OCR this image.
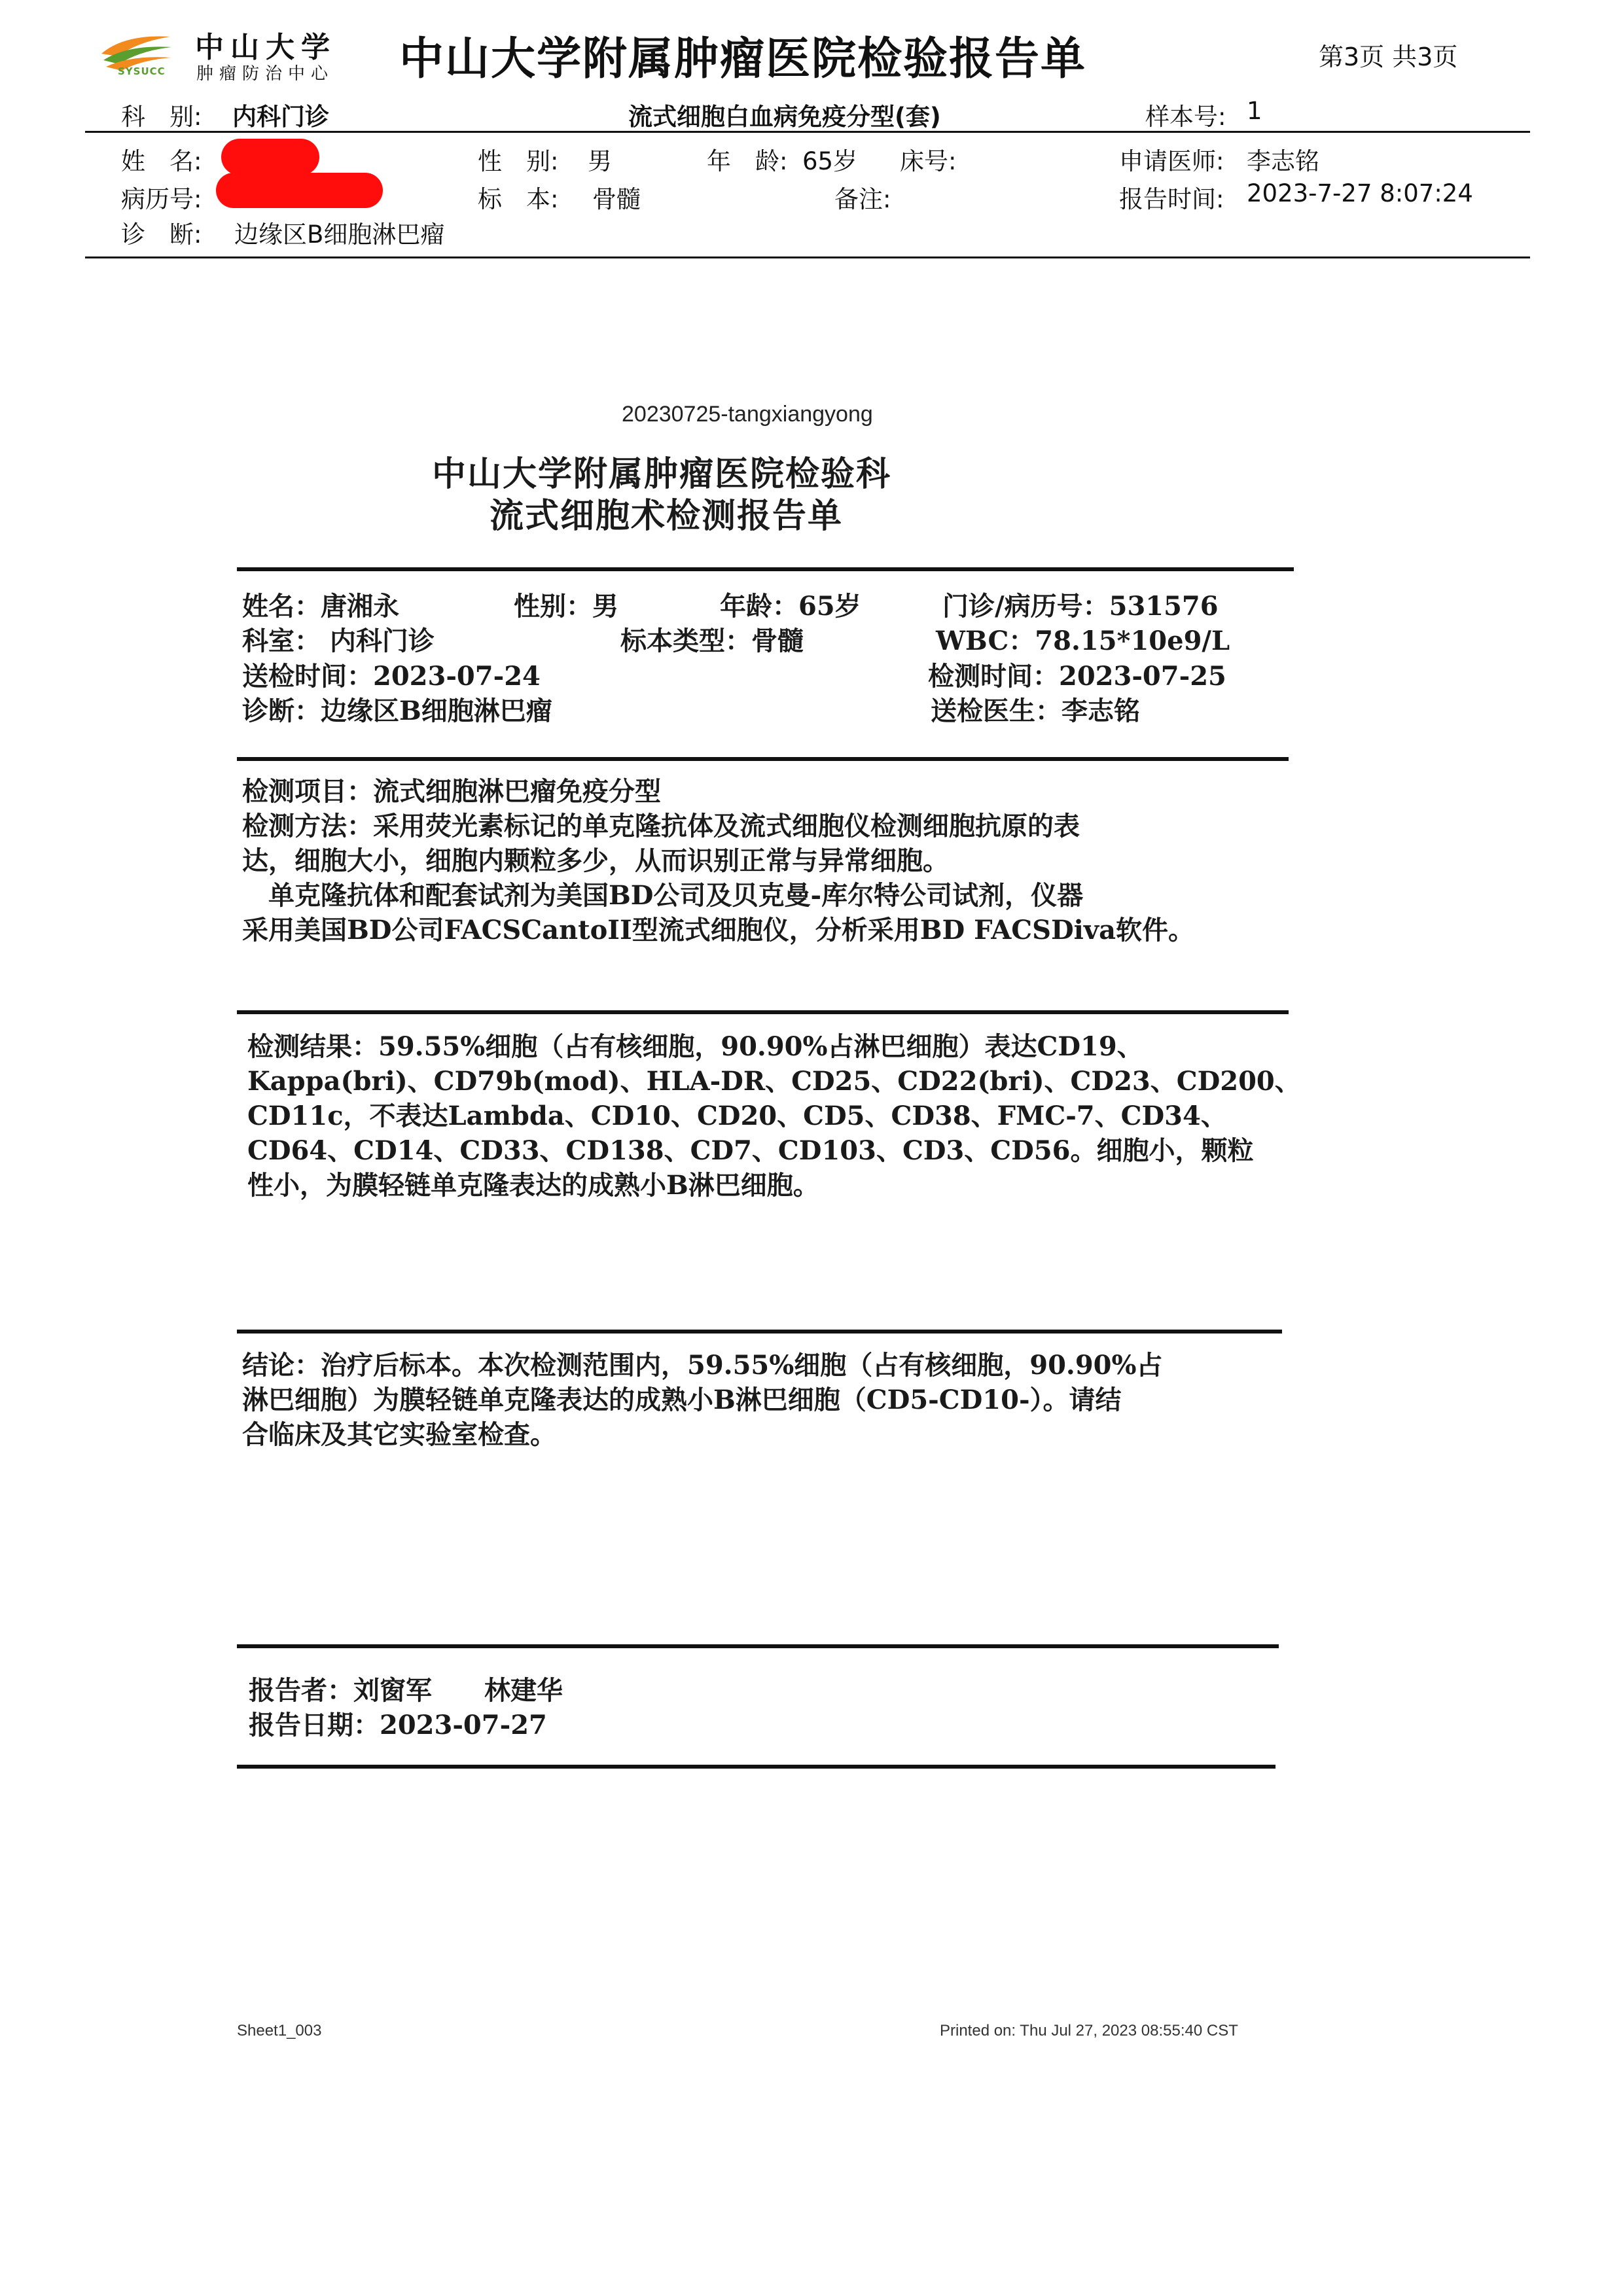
SYSUCC
中山大学
肿瘤防治中心 中山大学附属肿瘤医院检验报告单	第3页 共3页
科　别: 内科门诊	流式细胞白血病免疫分型(套)	样本号: 1
姓　名:	性　别: 男	年　龄: 65岁 床号:	申请医师: 李志铭
病历号:	标　本: 骨髓	备注:	报告时间: 2023-7-27 8:07:24
诊　断: 边缘区B细胞淋巴瘤
20230725-tangxiangyong
中山大学附属肿瘤医院检验科
流式细胞术检测报告单
姓名：唐湘永	性别：男	年龄：65岁	门诊/病历号：531576
科室： 内科门诊	标本类型：骨髓	WBC：78.15*10e9/L
送检时间：2023-07-24	检测时间：2023-07-25
诊断：边缘区B细胞淋巴瘤	送检医生：李志铭
检测项目：流式细胞淋巴瘤免疫分型
检测方法：采用荧光素标记的单克隆抗体及流式细胞仪检测细胞抗原的表
达，细胞大小，细胞内颗粒多少，从而识别正常与异常细胞。
　单克隆抗体和配套试剂为美国BD公司及贝克曼-库尔特公司试剂，仪器
采用美国BD公司FACSCantoII型流式细胞仪，分析采用BD FACSDiva软件。
检测结果：59.55%细胞（占有核细胞，90.90%占淋巴细胞）表达CD19、
Kappa(bri)、CD79b(mod)、HLA-DR、CD25、CD22(bri)、CD23、CD200、
CD11c，不表达Lambda、CD10、CD20、CD5、CD38、FMC-7、CD34、
CD64、CD14、CD33、CD138、CD7、CD103、CD3、CD56。细胞小，颗粒
性小，为膜轻链单克隆表达的成熟小B淋巴细胞。
结论：治疗后标本。本次检测范围内，59.55%细胞（占有核细胞，90.90%占
淋巴细胞）为膜轻链单克隆表达的成熟小B淋巴细胞（CD5-CD10-）。请结
合临床及其它实验室检查。
报告者：刘窗军　　林建华
报告日期：2023-07-27
Sheet1_003	Printed on: Thu Jul 27, 2023 08:55:40 CST
